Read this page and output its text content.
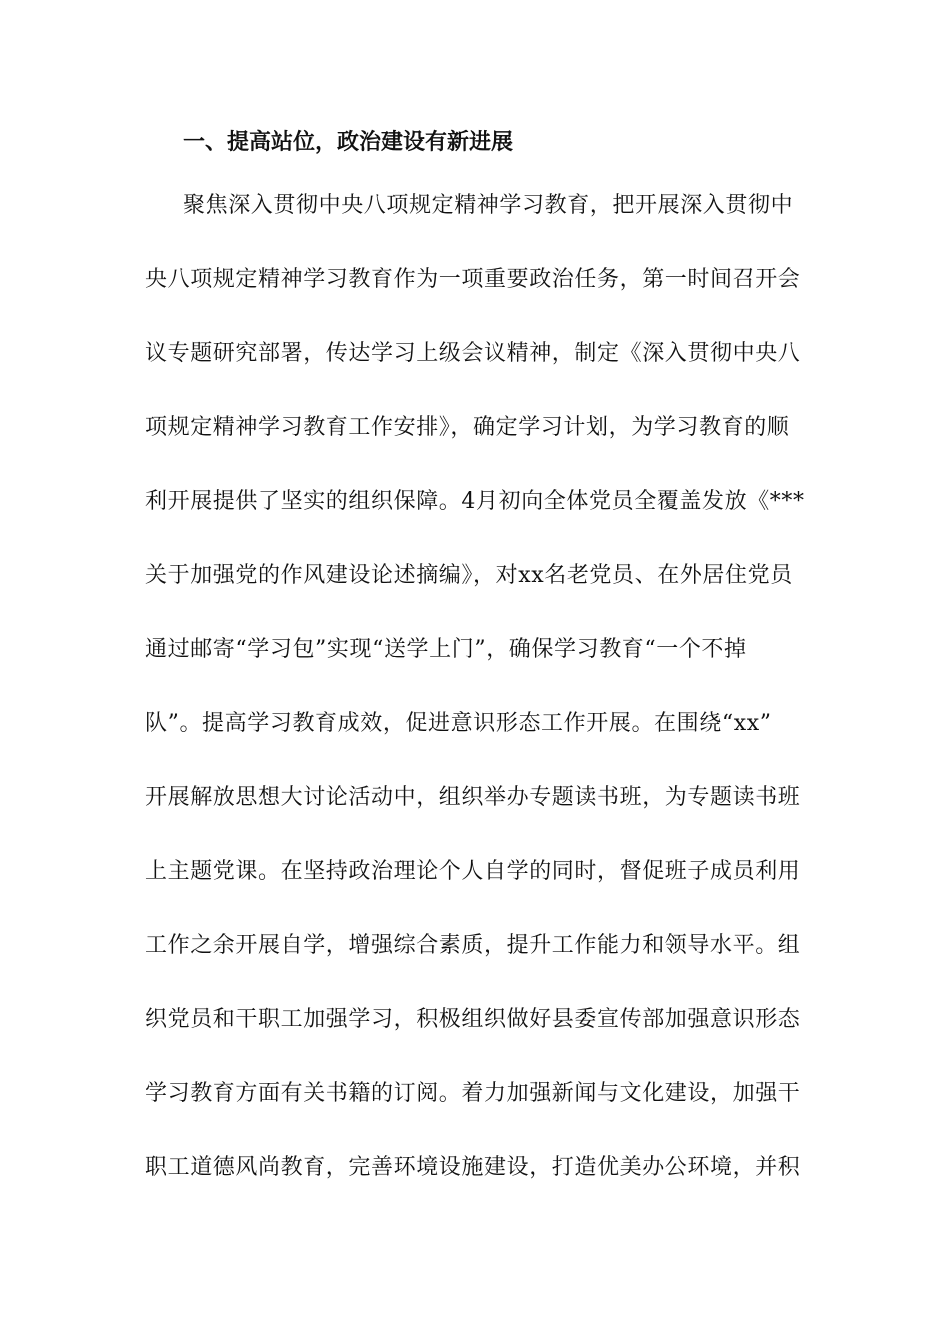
一、提高站位，政治建设有新进展
聚焦深入贯彻中央八项规定精神学习教育，把开展深入贯彻中
央八项规定精神学习教育作为一项重要政治任务，第一时间召开会
议专题研究部署，传达学习上级会议精神，制定《深入贯彻中央八
项规定精神学习教育工作安排》，确定学习计划，为学习教育的顺
利开展提供了坚实的组织保障。4月初向全体党员全覆盖发放《***
关于加强党的作风建设论述摘编》，对xx名老党员、在外居住党员
通过邮寄“学习包”实现“送学上门”，确保学习教育“一个不掉
队”。提高学习教育成效，促进意识形态工作开展。在围绕“xx”
开展解放思想大讨论活动中，组织举办专题读书班，为专题读书班
上主题党课。在坚持政治理论个人自学的同时，督促班子成员利用
工作之余开展自学，增强综合素质，提升工作能力和领导水平。组
织党员和干职工加强学习，积极组织做好县委宣传部加强意识形态
学习教育方面有关书籍的订阅。着力加强新闻与文化建设，加强干
职工道德风尚教育，完善环境设施建设，打造优美办公环境，并积
